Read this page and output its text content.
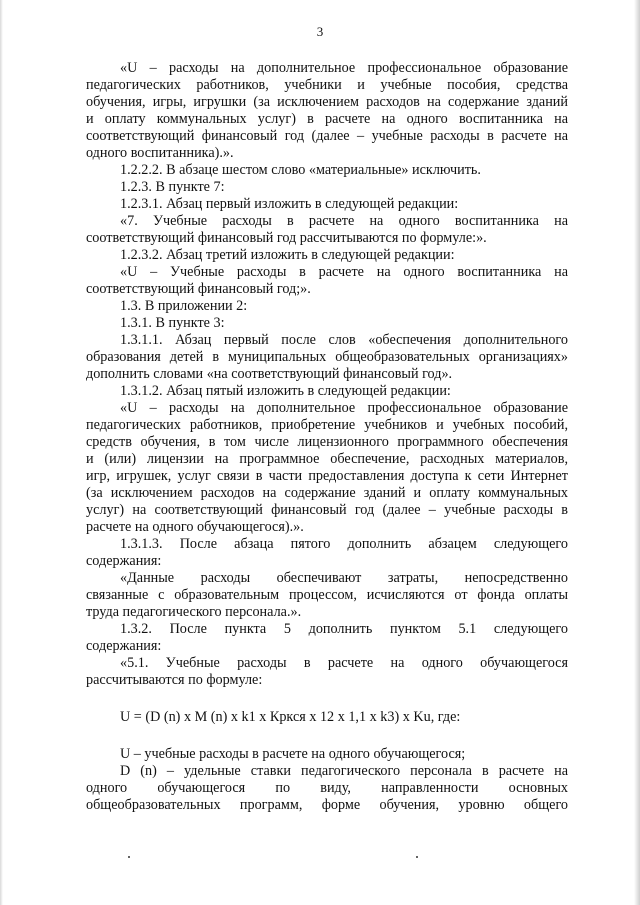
3
«U – расходы на дополнительное профессиональное образование
педагогических работников, учебники и учебные пособия, средства
обучения, игры, игрушки (за исключением расходов на содержание зданий
и оплату коммунальных услуг) в расчете на одного воспитанника на
соответствующий финансовый год (далее – учебные расходы в расчете на
одного воспитанника).».
1.2.2.2. В абзаце шестом слово «материальные» исключить.
1.2.3. В пункте 7:
1.2.3.1. Абзац первый изложить в следующей редакции:
«7. Учебные расходы в расчете на одного воспитанника на
соответствующий финансовый год рассчитываются по формуле:».
1.2.3.2. Абзац третий изложить в следующей редакции:
«U – Учебные расходы в расчете на одного воспитанника на
соответствующий финансовый год;».
1.3. В приложении 2:
1.3.1. В пункте 3:
1.3.1.1. Абзац первый после слов «обеспечения дополнительного
образования детей в муниципальных общеобразовательных организациях»
дополнить словами «на соответствующий финансовый год».
1.3.1.2. Абзац пятый изложить в следующей редакции:
«U – расходы на дополнительное профессиональное образование
педагогических работников, приобретение учебников и учебных пособий,
средств обучения, в том числе лицензионного программного обеспечения
и (или) лицензии на программное обеспечение, расходных материалов,
игр, игрушек, услуг связи в части предоставления доступа к сети Интернет
(за исключением расходов на содержание зданий и оплату коммунальных
услуг) на соответствующий финансовый год (далее – учебные расходы в
расчете на одного обучающегося).».
1.3.1.3. После абзаца пятого дополнить абзацем следующего
содержания:
«Данные расходы обеспечивают затраты, непосредственно
связанные с образовательным процессом, исчисляются от фонда оплаты
труда педагогического персонала.».
1.3.2. После пункта 5 дополнить пунктом 5.1 следующего
содержания:
«5.1. Учебные расходы в расчете на одного обучающегося
рассчитываются по формуле:
U = (D (n) x M (n) x k1 x Кркся x 12 x 1,1 x k3) x Ku, где:
U – учебные расходы в расчете на одного обучающегося;
D (n) – удельные ставки педагогического персонала в расчете на
одного обучающегося по виду, направленности основных
общеобразовательных программ, форме обучения, уровню общего
